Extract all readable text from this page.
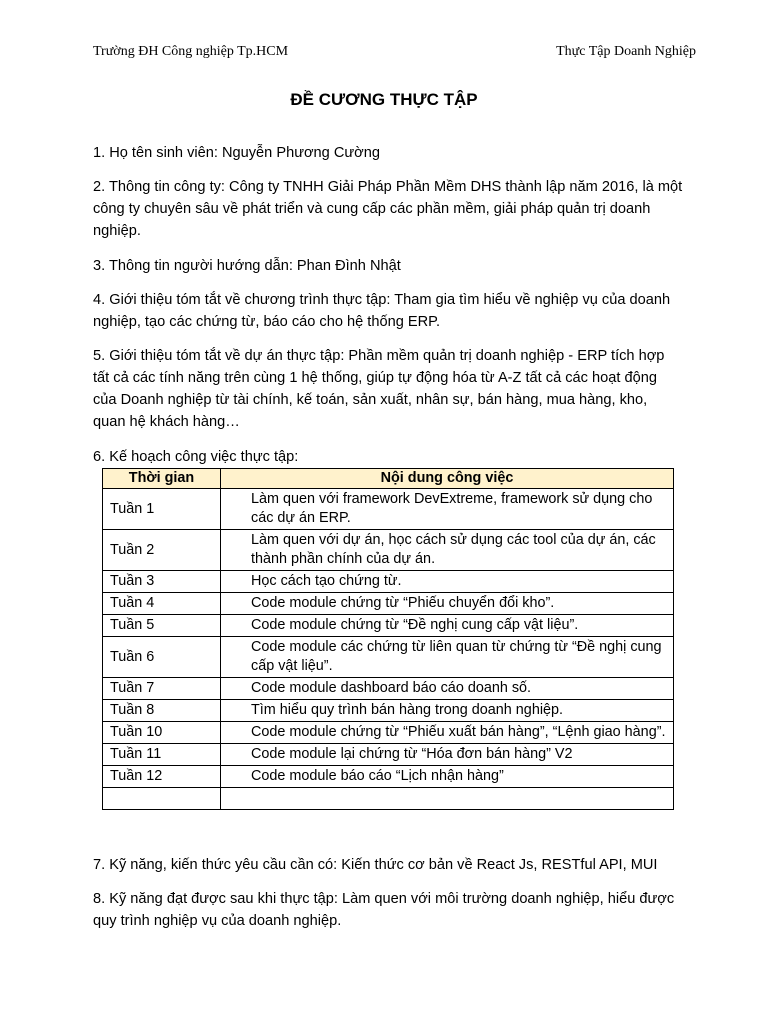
Trường ĐH Công nghiệp Tp.HCM	Thực Tập Doanh Nghiệp
ĐỀ CƯƠNG THỰC TẬP
1. Họ tên sinh viên: Nguyễn Phương Cường
2. Thông tin công ty: Công ty TNHH Giải Pháp Phần Mềm DHS thành lập năm 2016, là một công ty chuyên sâu về phát triển và cung cấp các phần mềm, giải pháp quản trị doanh nghiệp.
3. Thông tin người hướng dẫn: Phan Đình Nhật
4. Giới thiệu tóm tắt về chương trình thực tập: Tham gia tìm hiểu về nghiệp vụ của doanh nghiệp, tạo các chứng từ, báo cáo cho hệ thống ERP.
5. Giới thiệu tóm tắt về dự án thực tập: Phần mềm quản trị doanh nghiệp - ERP tích hợp tất cả các tính năng trên cùng 1 hệ thống, giúp tự động hóa từ A-Z tất cả các hoạt động của Doanh nghiệp từ tài chính, kế toán, sản xuất, nhân sự, bán hàng, mua hàng, kho, quan hệ khách hàng…
6. Kế hoạch công việc thực tập:
Thời gian	Nội dung công việc
Tuần 1	Làm quen với framework DevExtreme, framework sử dụng cho các dự án ERP.
Tuần 2	Làm quen với dự án, học cách sử dụng các tool của dự án, các thành phần chính của dự án.
Tuần 3	Học cách tạo chứng từ.
Tuần 4	Code module chứng từ “Phiếu chuyển đổi kho”.
Tuần 5	Code module chứng từ “Đề nghị cung cấp vật liệu”.
Tuần 6	Code module các chứng từ liên quan từ chứng từ “Đề nghị cung cấp vật liệu”.
Tuần 7	Code module dashboard báo cáo doanh số.
Tuần 8	Tìm hiểu quy trình bán hàng trong doanh nghiệp.
Tuần 10	Code module chứng từ “Phiếu xuất bán hàng”, “Lệnh giao hàng”.
Tuần 11	Code module lại chứng từ “Hóa đơn bán hàng” V2
Tuần 12	Code module báo cáo “Lịch nhận hàng”

7. Kỹ năng, kiến thức yêu cầu cần có: Kiến thức cơ bản về React Js, RESTful API, MUI
8. Kỹ năng đạt được sau khi thực tập: Làm quen với môi trường doanh nghiệp, hiểu được quy trình nghiệp vụ của doanh nghiệp.
